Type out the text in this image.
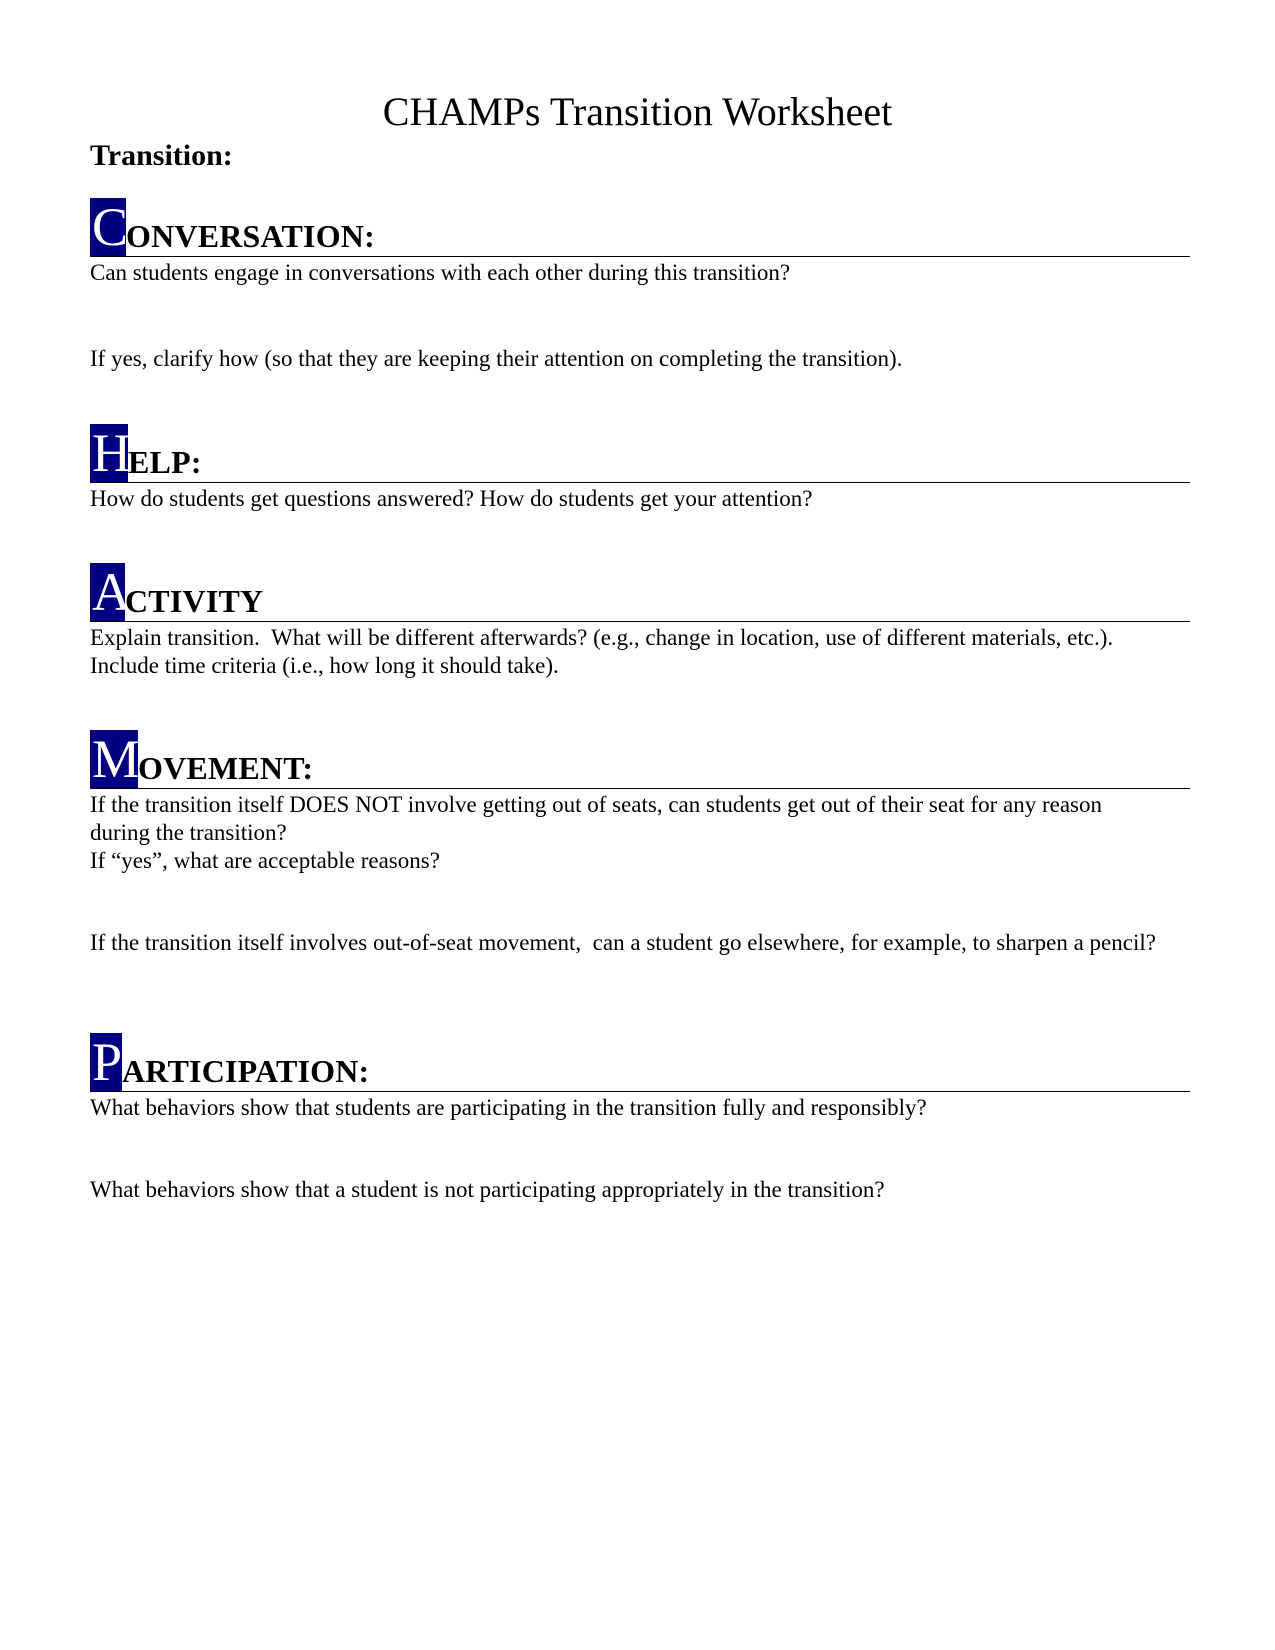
CHAMPs Transition Worksheet
Transition:
C
ONVERSATION:

Can students engage in conversations with each other during this transition?

If yes, clarify how (so that they are keeping their attention on completing the transition).

H
ELP:

How do students get questions answered? How do students get your attention?

A
CTIVITY

Explain transition.  What will be different afterwards? (e.g., change in location, use of different materials, etc.).  Include time criteria (i.e., how long it should take).

M
OVEMENT:

If the transition itself DOES NOT involve getting out of seats, can students get out of their seat for any reason during the transition?

If “yes”, what are acceptable reasons?

If the transition itself involves out-of-seat movement,  can a student go elsewhere, for example, to sharpen a pencil?

P ARTICIPATION:

What behaviors show that students are participating in the transition fully and responsibly?

What behaviors show that a student is not participating appropriately in the transition?
